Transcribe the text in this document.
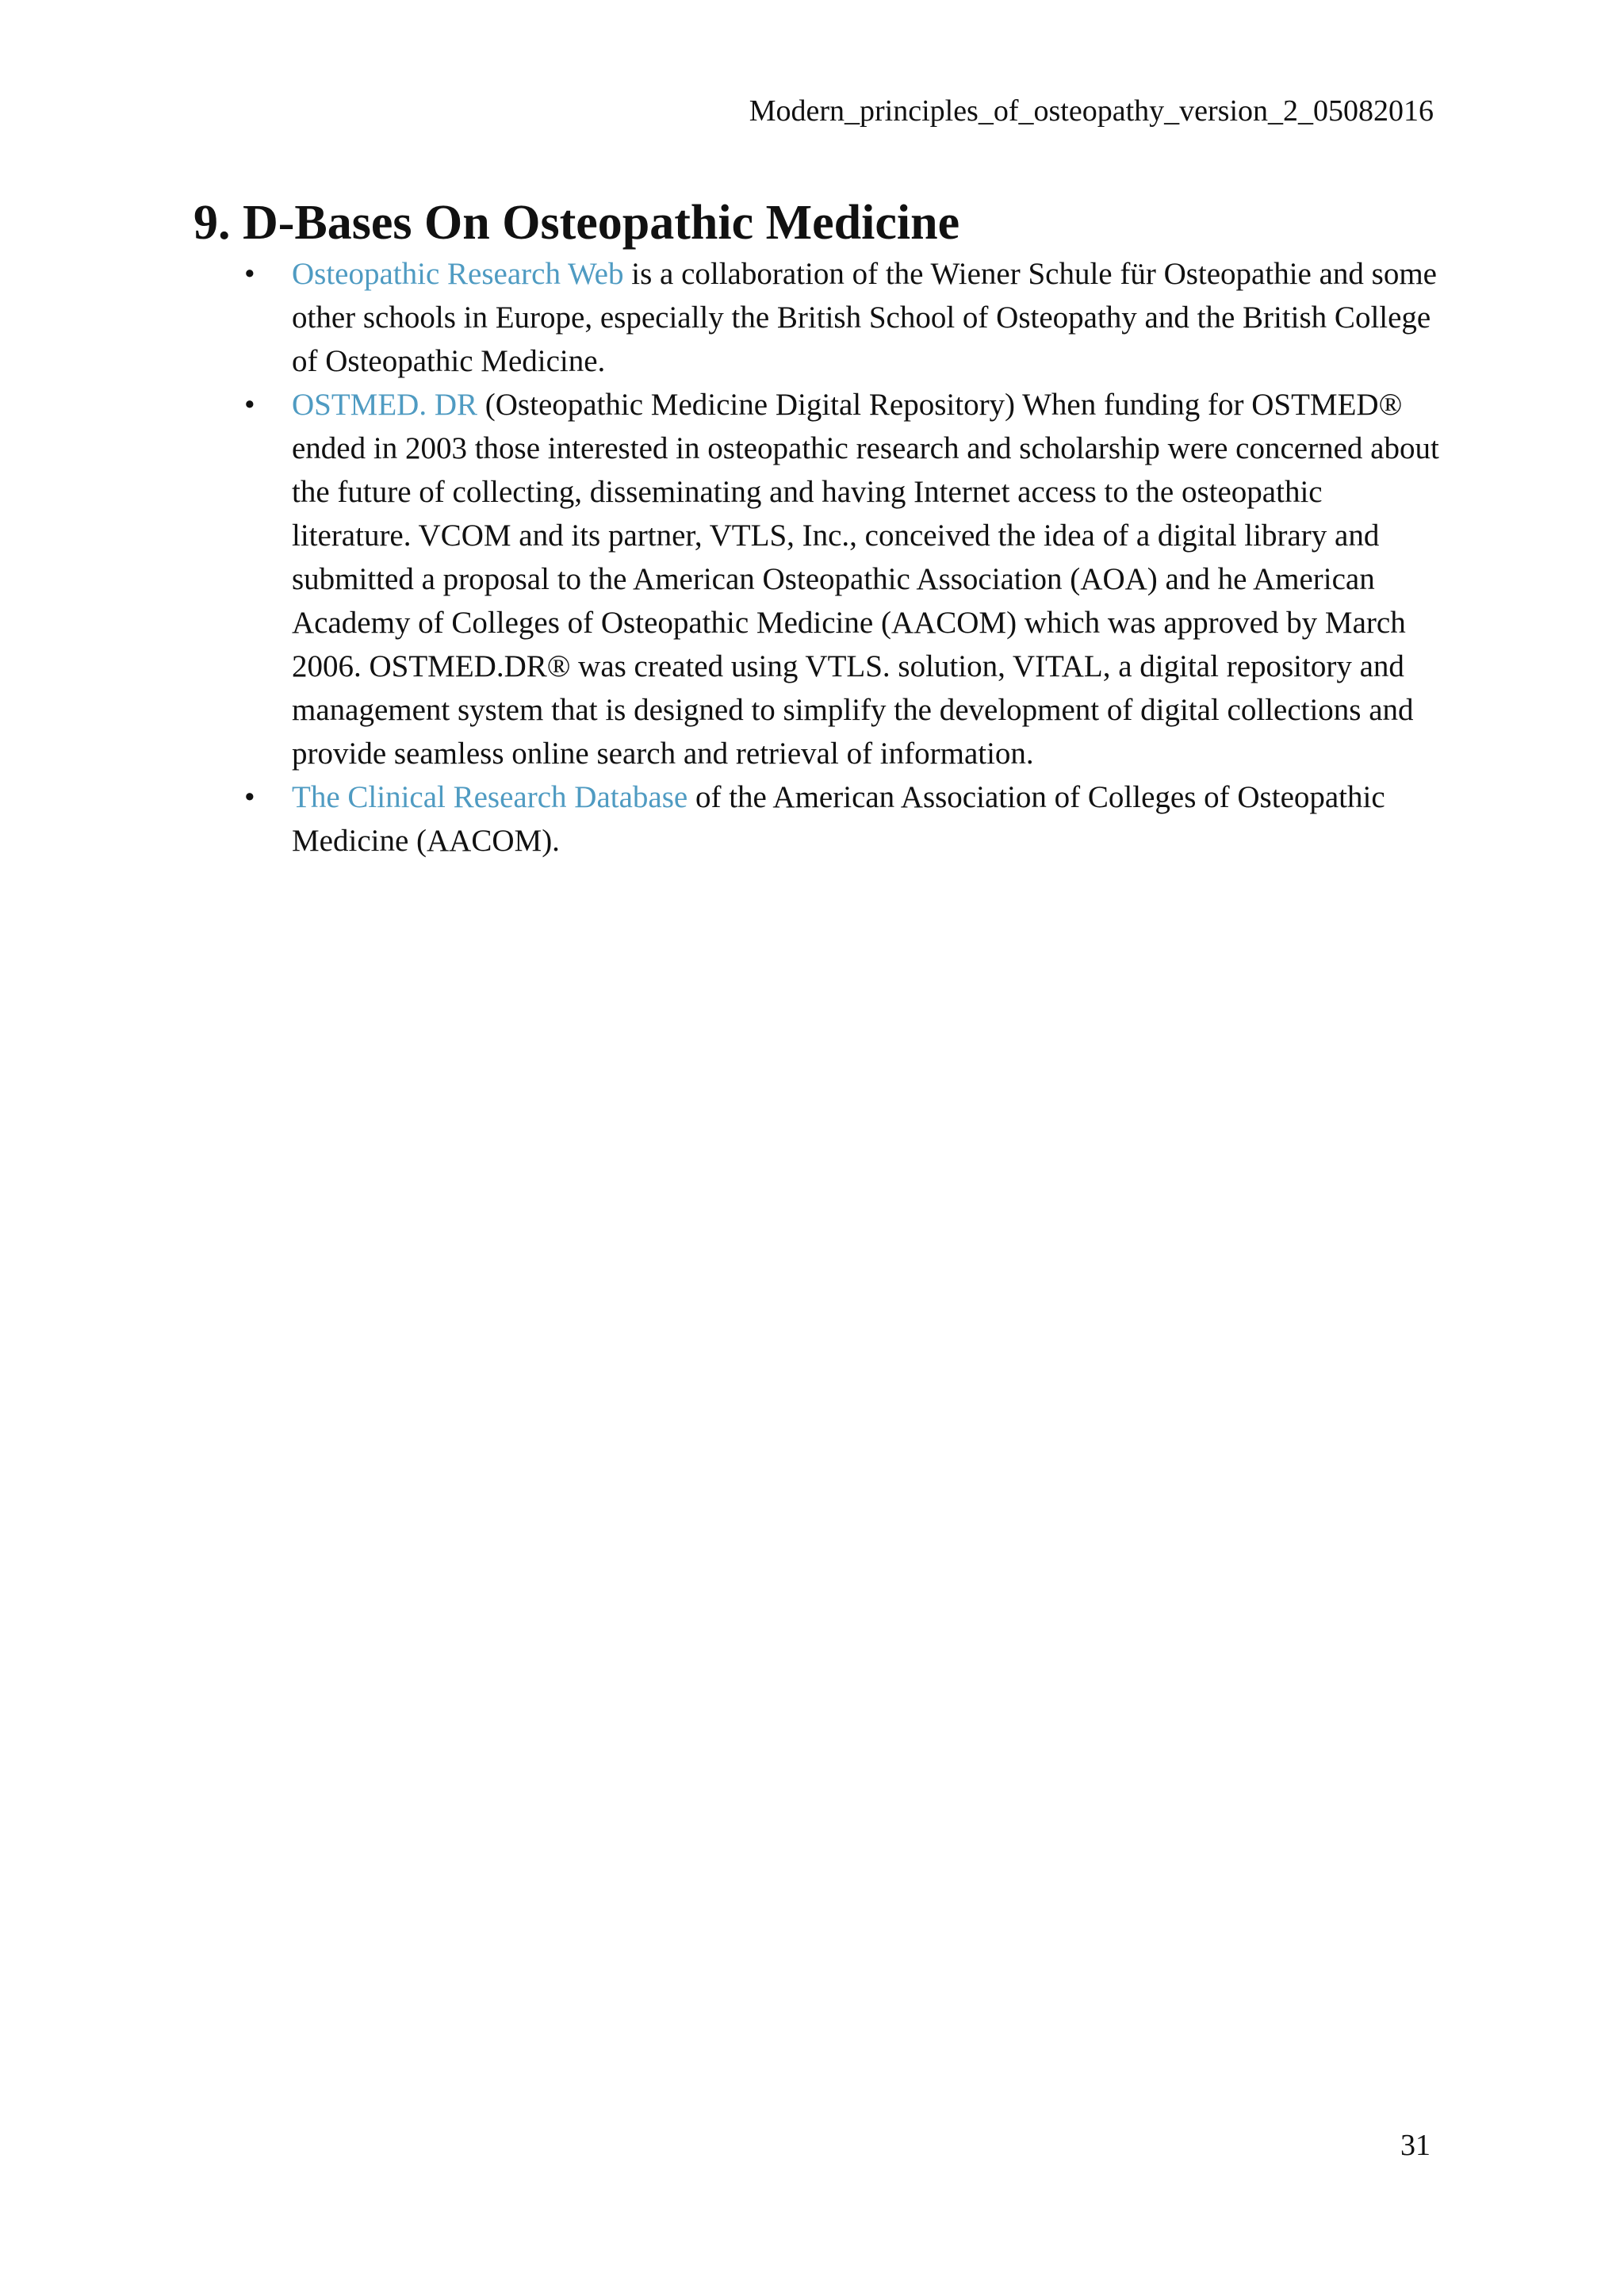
Modern_principles_of_osteopathy_version_2_05082016
9. D-Bases On Osteopathic Medicine
• Osteopathic Research Web is a collaboration of the Wiener Schule für Osteopathie and some other schools in Europe, especially the British School of Osteopathy and the British College of Osteopathic Medicine.
• OSTMED. DR (Osteopathic Medicine Digital Repository) When funding for OSTMED® ended in 2003 those interested in osteopathic research and scholarship were concerned about the future of collecting, disseminating and having Internet access to the osteopathic literature. VCOM and its partner, VTLS, Inc., conceived the idea of a digital library and submitted a proposal to the American Osteopathic Association (AOA) and he American Academy of Colleges of Osteopathic Medicine (AACOM) which was approved by March 2006. OSTMED.DR® was created using VTLS. solution, VITAL, a digital repository and management system that is designed to simplify the development of digital collections and provide seamless online search and retrieval of information.
• The Clinical Research Database of the American Association of Colleges of Osteopathic Medicine (AACOM).
31
